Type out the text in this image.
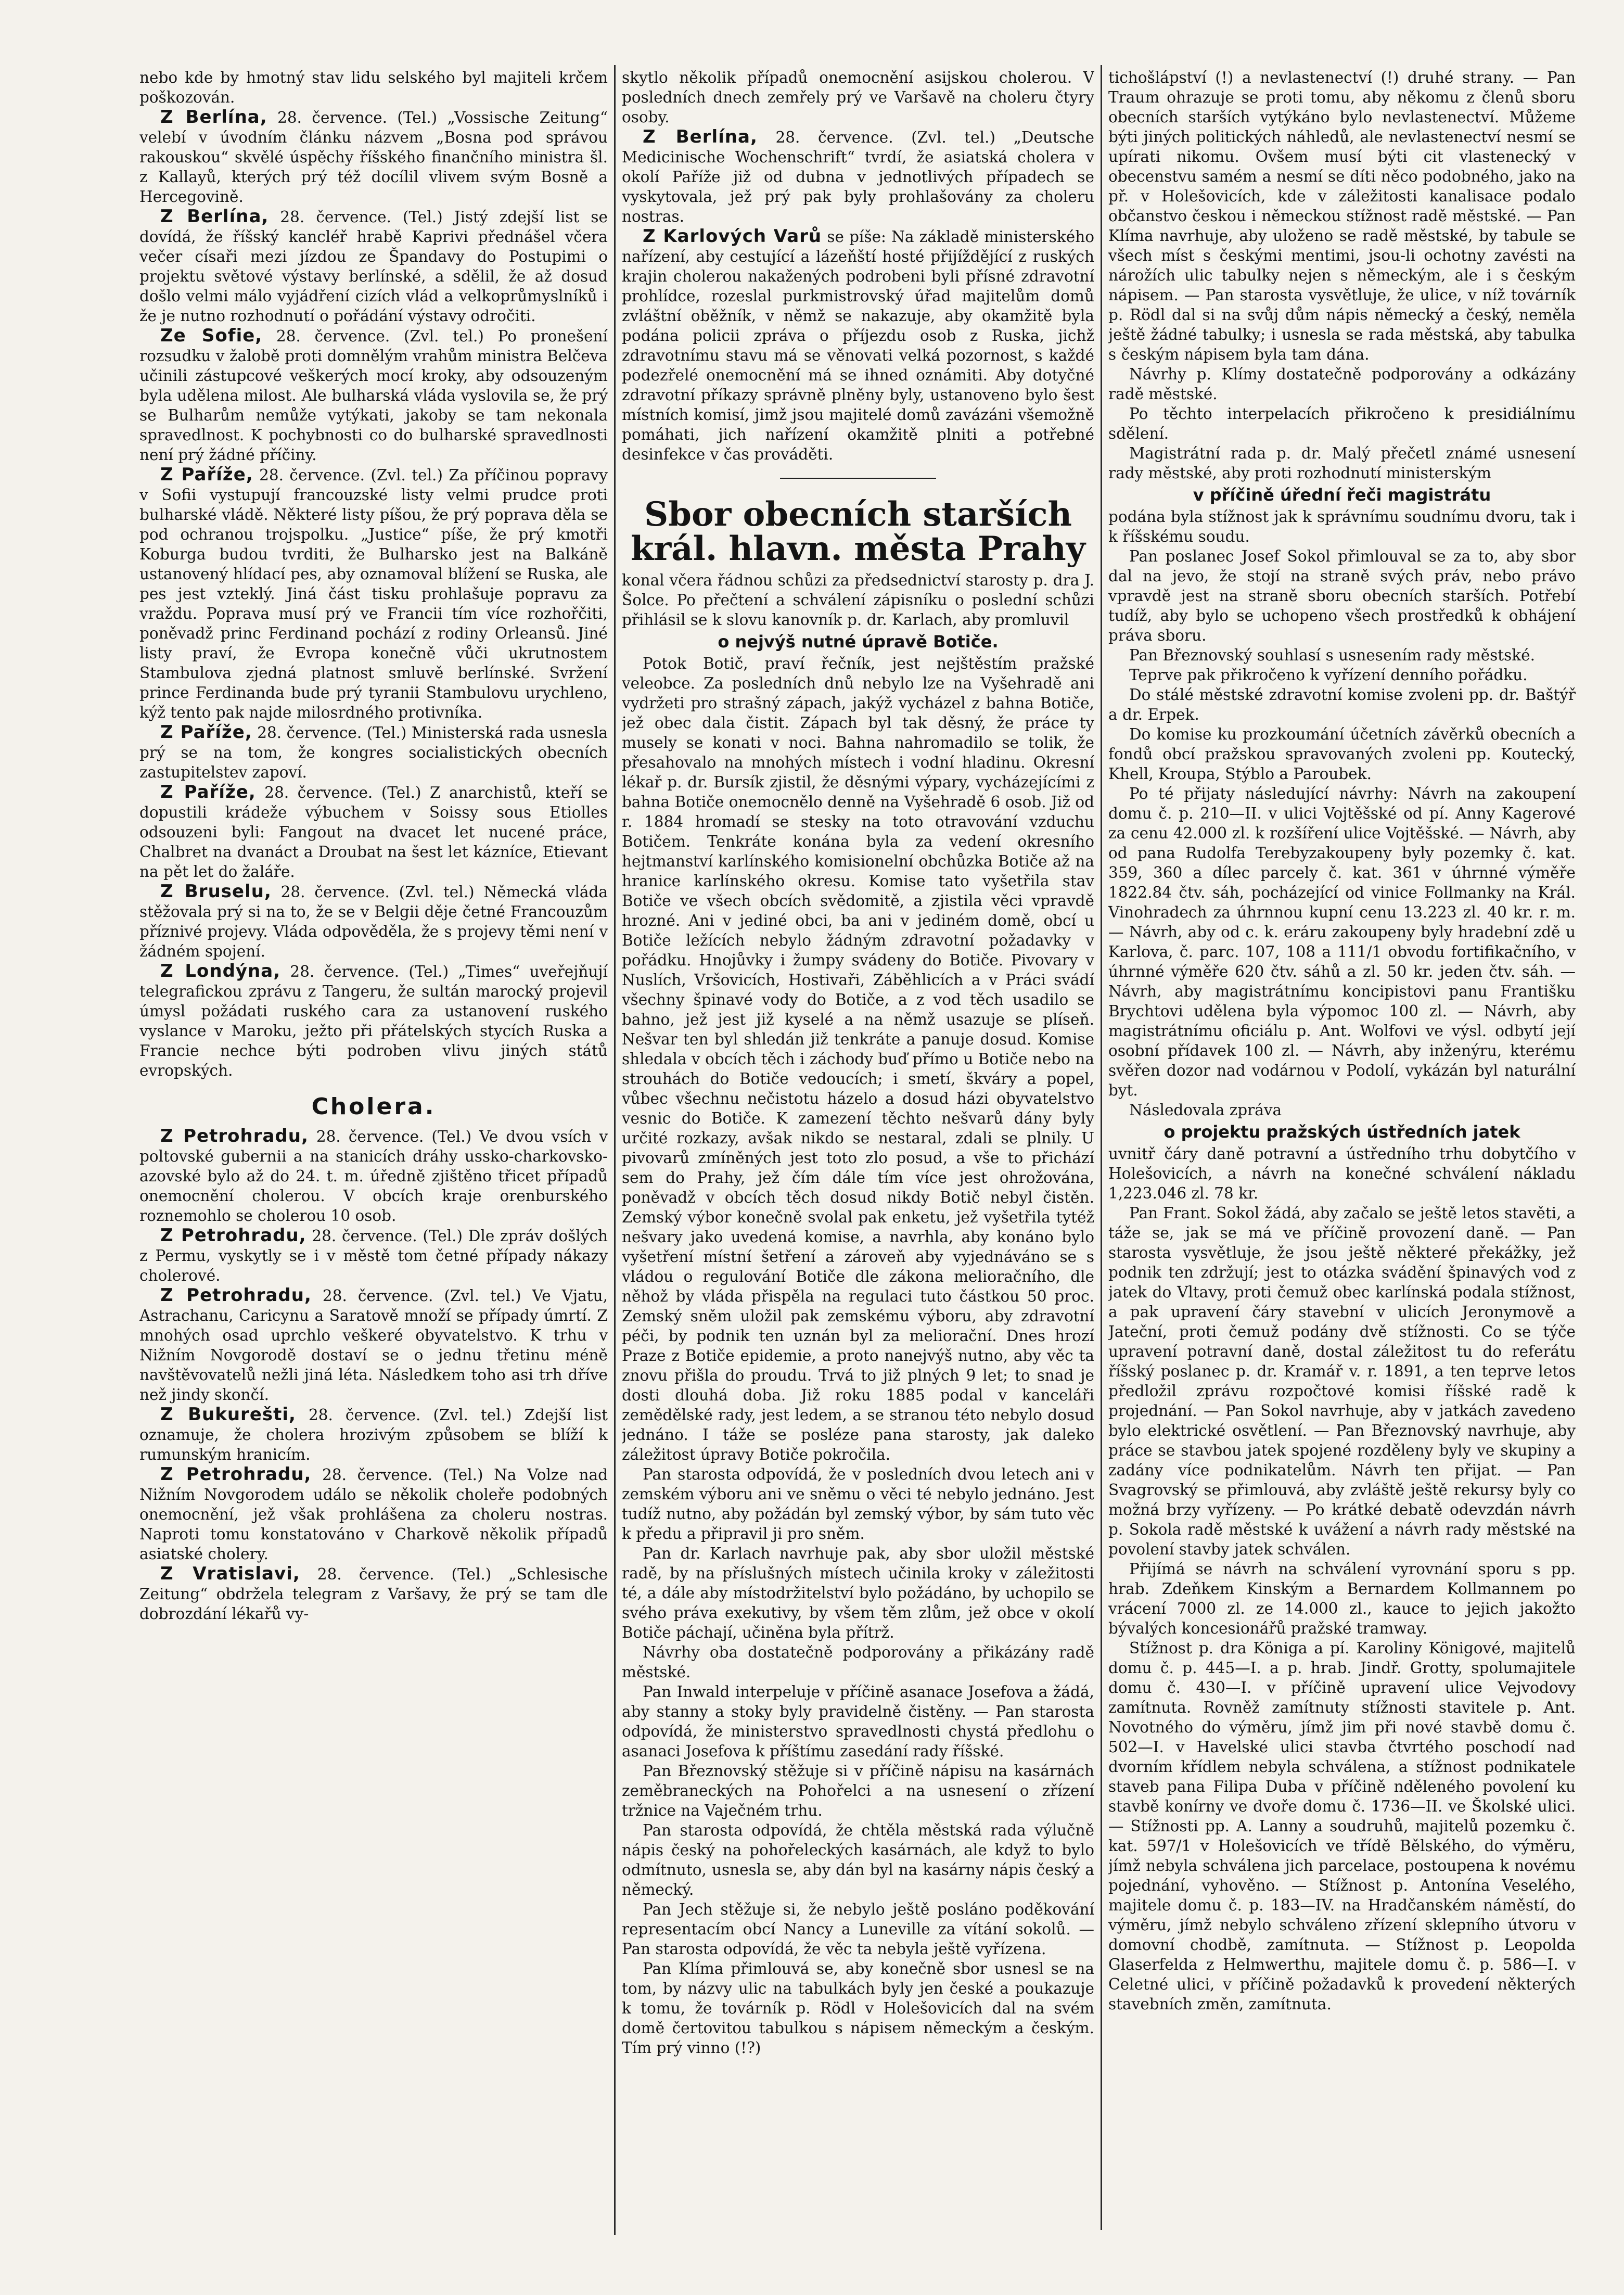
nebo kde by hmotný stav lidu selského byl majiteli krčem poškozován.

Z Berlína, 28. července. (Tel.) „Vossische Zeitung“ velebí v úvodním článku názvem „Bosna pod správou rakouskou“ skvělé úspěchy říšského finančního ministra šl. z Kallayů, kterých prý též docílil vlivem svým Bosně a Hercegovině.

Z Berlína, 28. července. (Tel.) Jistý zdejší list se dovídá, že říšský kancléř hrabě Kaprivi přednášel včera večer císaři mezi jízdou ze Špandavy do Postupimi o projektu světové výstavy berlínské, a sdělil, že až dosud došlo velmi málo vyjádření cizích vlád a velkoprůmyslníků i že je nutno rozhodnutí o pořádání výstavy odročiti.

Ze Sofie, 28. července. (Zvl. tel.) Po pronešení rozsudku v žalobě proti domnělým vrahům ministra Belčeva učinili zástupcové veškerých mocí kroky, aby odsouzeným byla udělena milost. Ale bulharská vláda vyslovila se, že prý se Bulharům nemůže vytýkati, jakoby se tam nekonala spravedlnost. K pochybnosti co do bulharské spravedlnosti není prý žádné příčiny.

Z Paříže, 28. července. (Zvl. tel.) Za příčinou popravy v Sofii vystupují francouzské listy velmi prudce proti bulharské vládě. Některé listy píšou, že prý poprava děla se pod ochranou trojspolku. „Justice“ píše, že prý kmotři Koburga budou tvrditi, že Bulharsko jest na Balkáně ustanovený hlídací pes, aby oznamoval blížení se Ruska, ale pes jest vzteklý. Jiná část tisku prohlašuje popravu za vraždu. Poprava musí prý ve Francii tím více rozhořčiti, poněvadž princ Ferdinand pochází z rodiny Orleansů. Jiné listy praví, že Evropa konečně vůči ukrutnostem Stambulova zjedná platnost smluvě berlínské. Svržení prince Ferdinanda bude prý tyranii Stambulovu urychleno, kýž tento pak najde milosrdného protivníka.

Z Paříže, 28. července. (Tel.) Ministerská rada usnesla prý se na tom, že kongres socialistických obecních zastupitelstev zapoví.

Z Paříže, 28. července. (Tel.) Z anarchistů, kteří se dopustili krádeže výbuchem v Soissy sous Etiolles odsouzeni byli: Fangout na dvacet let nucené práce, Chalbret na dvanáct a Droubat na šest let kázníce, Etievant na pět let do žaláře.

Z Bruselu, 28. července. (Zvl. tel.) Německá vláda stěžovala prý si na to, že se v Belgii děje četné Francouzům příznivé projevy. Vláda odpověděla, že s projevy těmi není v žádném spojení.

Z Londýna, 28. července. (Tel.) „Times“ uveřejňují telegrafickou zprávu z Tangeru, že sultán marocký projevil úmysl požádati ruského cara za ustanovení ruského vyslance v Maroku, ježto při přátelských stycích Ruska a Francie nechce býti podroben vlivu jiných států evropských.

Cholera.

Z Petrohradu, 28. července. (Tel.) Ve dvou vsích v poltovské gubernii a na stanicích dráhy ussko-charkovsko-azovské bylo až do 24. t. m. úředně zjištěno třicet případů onemocnění cholerou. V obcích kraje orenburského roznemohlo se cholerou 10 osob.

Z Petrohradu, 28. července. (Tel.) Dle zpráv došlých z Permu, vyskytly se i v městě tom četné případy nákazy cholerové.

Z Petrohradu, 28. července. (Zvl. tel.) Ve Vjatu, Astrachanu, Caricynu a Saratově množí se případy úmrtí. Z mnohých osad uprchlo veškeré obyvatelstvo. K trhu v Nižním Novgorodě dostaví se o jednu třetinu méně navštěvovatelů nežli jiná léta. Následkem toho asi trh dříve než jindy skončí.

Z Bukurešti, 28. července. (Zvl. tel.) Zdejší list oznamuje, že cholera hrozivým způsobem se blíží k rumunským hranicím.

Z Petrohradu, 28. července. (Tel.) Na Volze nad Nižním Novgorodem událo se několik choleře podobných onemocnění, jež však prohlášena za choleru nostras. Naproti tomu konstatováno v Charkově několik případů asiatské cholery.

Z Vratislavi, 28. července. (Tel.) „Schlesische Zeitung“ obdržela telegram z Varšavy, že prý se tam dle dobrozdání lékařů vy-

skytlo několik případů onemocnění asijskou cholerou. V posledních dnech zemřely prý ve Varšavě na choleru čtyry osoby.

Z Berlína, 28. července. (Zvl. tel.) „Deutsche Medicinische Wochenschrift“ tvrdí, že asiatská cholera v okolí Paříže již od dubna v jednotlivých případech se vyskytovala, jež prý pak byly prohlašovány za choleru nostras.

Z Karlových Varů se píše: Na základě ministerského nařízení, aby cestující a lázeňští hosté přijíždějící z ruských krajin cholerou nakažených podrobeni byli přísné zdravotní prohlídce, rozeslal purkmistrovský úřad majitelům domů zvláštní oběžník, v němž se nakazuje, aby okamžitě byla podána policii zpráva o příjezdu osob z Ruska, jichž zdravotnímu stavu má se věnovati velká pozornost, s každé podezřelé onemocnění má se ihned oznámiti. Aby dotyčné zdravotní příkazy správně plněny byly, ustanoveno bylo šest místních komisí, jimž jsou majitelé domů zavázáni všemožně pomáhati, jich nařízení okamžitě plniti a potřebné desinfekce v čas prováděti.

Sbor obecních starších král. hlavn. města Prahy

konal včera řádnou schůzi za předsednictví starosty p. dra J. Šolce. Po přečtení a schválení zápisníku o poslední schůzi přihlásil se k slovu kanovník p. dr. Karlach, aby promluvil

o nejvýš nutné úpravě Botiče.

Potok Botič, praví řečník, jest nejštěstím pražské veleobce. Za posledních dnů nebylo lze na Vyšehradě ani vydržeti pro strašný zápach, jakýž vycházel z bahna Botiče, jež obec dala čistit. Zápach byl tak děsný, že práce ty musely se konati v noci. Bahna nahromadilo se tolik, že přesahovalo na mnohých místech i vodní hladinu. Okresní lékař p. dr. Bursík zjistil, že děsnými výpary, vycházejícími z bahna Botiče onemocnělo denně na Vyšehradě 6 osob. Již od r. 1884 hromadí se stesky na toto otravování vzduchu Botičem. Tenkráte konána byla za vedení okresního hejtmanství karlínského komisionelní obchůzka Botiče až na hranice karlínského okresu. Komise tato vyšetřila stav Botiče ve všech obcích svědomitě, a zjistila věci vpravdě hrozné. Ani v jediné obci, ba ani v jediném domě, obcí u Botiče ležících nebylo žádným zdravotní požadavky v pořádku. Hnojůvky i žumpy svádeny do Botiče. Pivovary v Nuslích, Vršovicích, Hostivaři, Záběhlicích a v Práci svádí všechny špinavé vody do Botiče, a z vod těch usadilo se bahno, jež jest již kyselé a na němž usazuje se plíseň. Nešvar ten byl shledán již tenkráte a panuje dosud. Komise shledala v obcích těch i záchody buď přímo u Botiče nebo na strouhách do Botiče vedoucích; i smetí, škváry a popel, vůbec všechnu nečistotu házelo a dosud házi obyvatelstvo vesnic do Botiče. K zamezení těchto nešvarů dány byly určité rozkazy, avšak nikdo se nestaral, zdali se plnily. U pivovarů zmíněných jest toto zlo posud, a vše to přichází sem do Prahy, jež čím dále tím více jest ohrožována, poněvadž v obcích těch dosud nikdy Botič nebyl čistěn. Zemský výbor konečně svolal pak enketu, jež vyšetřila tytéž nešvary jako uvedená komise, a navrhla, aby konáno bylo vyšetření místní šetření a zároveň aby vyjednáváno se s vládou o regulování Botiče dle zákona melioračního, dle něhož by vláda přispěla na regulaci tuto částkou 50 proc. Zemský sněm uložil pak zemskému výboru, aby zdravotní péči, by podnik ten uznán byl za meliorační. Dnes hrozí Praze z Botiče epidemie, a proto nanejvýš nutno, aby věc ta znovu přišla do proudu. Trvá to již plných 9 let; to snad je dosti dlouhá doba. Již roku 1885 podal v kanceláři zemědělské rady, jest ledem, a se stranou této nebylo dosud jednáno. I táže se posléze pana starosty, jak daleko záležitost úpravy Botiče pokročila.

Pan starosta odpovídá, že v posledních dvou letech ani v zemském výboru ani ve sněmu o věci té nebylo jednáno. Jest tudíž nutno, aby požádán byl zemský výbor, by sám tuto věc k předu a připravil ji pro sněm.

Pan dr. Karlach navrhuje pak, aby sbor uložil městské radě, by na příslušných místech učinila kroky v záležitosti té, a dále aby místodržitelství bylo požádáno, by uchopilo se svého práva exekutivy, by všem těm zlům, jež obce v okolí Botiče páchají, učiněna byla přítrž.

Návrhy oba dostatečně podporovány a přikázány radě městské.

Pan Inwald interpeluje v příčině asanace Josefova a žádá, aby stanny a stoky byly pravidelně čistěny. — Pan starosta odpovídá, že ministerstvo spravedlnosti chystá předlohu o asanaci Josefova k příštímu zasedání rady říšské.

Pan Březnovský stěžuje si v příčině nápisu na kasárnách zeměbraneckých na Pohořelci a na usnesení o zřízení tržnice na Vaječném trhu.

Pan starosta odpovídá, že chtěla městská rada výlučně nápis český na pohořeleckých kasárnách, ale když to bylo odmítnuto, usnesla se, aby dán byl na kasárny nápis český a německý.

Pan Jech stěžuje si, že nebylo ještě posláno poděkování representacím obcí Nancy a Luneville za vítání sokolů. — Pan starosta odpovídá, že věc ta nebyla ještě vyřízena.

Pan Klíma přimlouvá se, aby konečně sbor usnesl se na tom, by názvy ulic na tabulkách byly jen české a poukazuje k tomu, že továrník p. Rödl v Holešovicích dal na svém domě čertovitou tabulkou s nápisem německým a českým. Tím prý vinno (!?)

tichošlápství (!) a nevlastenectví (!) druhé strany. — Pan Traum ohrazuje se proti tomu, aby někomu z členů sboru obecních starších vytýkáno bylo nevlastenectví. Můžeme býti jiných politických náhledů, ale nevlastenectví nesmí se upírati nikomu. Ovšem musí býti cit vlastenecký v obecenstvu samém a nesmí se díti něco podobného, jako na př. v Holešovicích, kde v záležitosti kanalisace podalo občanstvo českou i německou stížnost radě městské. — Pan Klíma navrhuje, aby uloženo se radě městské, by tabule se všech míst s českými mentimi, jsou-li ochotny zavésti na nárožích ulic tabulky nejen s německým, ale i s českým nápisem. — Pan starosta vysvětluje, že ulice, v níž továrník p. Rödl dal si na svůj dům nápis německý a český, neměla ještě žádné tabulky; i usnesla se rada městská, aby tabulka s českým nápisem byla tam dána.

Návrhy p. Klímy dostatečně podporovány a odkázány radě městské.

Po těchto interpelacích přikročeno k presidiálnímu sdělení.

Magistrátní rada p. dr. Malý přečetl známé usnesení rady městské, aby proti rozhodnutí ministerským

v příčině úřední řeči magistrátu

podána byla stížnost jak k správnímu soudnímu dvoru, tak i k říšskému soudu.

Pan poslanec Josef Sokol přimlouval se za to, aby sbor dal na jevo, že stojí na straně svých práv, nebo právo vpravdě jest na straně sboru obecních starších. Potřebí tudíž, aby bylo se uchopeno všech prostředků k obhájení práva sboru.

Pan Březnovský souhlasí s usnesením rady městské.

Teprve pak přikročeno k vyřízení denního pořádku.

Do stálé městské zdravotní komise zvoleni pp. dr. Baštýř a dr. Erpek.

Do komise ku prozkoumání účetních závěrků obecních a fondů obcí pražskou spravovaných zvoleni pp. Koutecký, Khell, Kroupa, Stýblo a Paroubek.

Po té přijaty následující návrhy: Návrh na zakoupení domu č. p. 210—II. v ulici Vojtěšské od pí. Anny Kagerové za cenu 42.000 zl. k rozšíření ulice Vojtěšské. — Návrh, aby od pana Rudolfa Terebyzakoupeny byly pozemky č. kat. 359, 360 a dílec parcely č. kat. 361 v úhrnné výměře 1822.84 čtv. sáh, pocházející od vinice Follmanky na Král. Vinohradech za úhrnnou kupní cenu 13.223 zl. 40 kr. r. m. — Návrh, aby od c. k. eráru zakoupeny byly hradební zdě u Karlova, č. parc. 107, 108 a 111/1 obvodu fortifikačního, v úhrnné výměře 620 čtv. sáhů a zl. 50 kr. jeden čtv. sáh. — Návrh, aby magistrátnímu koncipistovi panu Františku Brychtovi udělena byla výpomoc 100 zl. — Návrh, aby magistrátnímu oficiálu p. Ant. Wolfovi ve výsl. odbytí její osobní přídavek 100 zl. — Návrh, aby inženýru, kterému svěřen dozor nad vodárnou v Podolí, vykázán byl naturální byt.

Následovala zpráva

o projektu pražských ústředních jatek

uvnitř čáry daně potravní a ústředního trhu dobytčího v Holešovicích, a návrh na konečné schválení nákladu 1,223.046 zl. 78 kr.

Pan Frant. Sokol žádá, aby začalo se ještě letos stavěti, a táže se, jak se má ve příčině provození daně. — Pan starosta vysvětluje, že jsou ještě některé překážky, jež podnik ten zdržují; jest to otázka svádění špinavých vod z jatek do Vltavy, proti čemuž obec karlínská podala stížnost, a pak upravení čáry stavební v ulicích Jeronymově a Jateční, proti čemuž podány dvě stížnosti. Co se týče upravení potravní daně, dostal záležitost tu do referátu říšský poslanec p. dr. Kramář v. r. 1891, a ten teprve letos předložil zprávu rozpočtové komisi říšské radě k projednání. — Pan Sokol navrhuje, aby v jatkách zavedeno bylo elektrické osvětlení. — Pan Březnovský navrhuje, aby práce se stavbou jatek spojené rozděleny byly ve skupiny a zadány více podnikatelům. Návrh ten přijat. — Pan Svagrovský se přimlouvá, aby zvláště ještě rekursy byly co možná brzy vyřízeny. — Po krátké debatě odevzdán návrh p. Sokola radě městské k uvážení a návrh rady městské na povolení stavby jatek schválen.

Přijímá se návrh na schválení vyrovnání sporu s pp. hrab. Zdeňkem Kinským a Bernardem Kollmannem po vrácení 7000 zl. ze 14.000 zl., kauce to jejich jakožto bývalých koncesionářů pražské tramway.

Stížnost p. dra Königa a pí. Karoliny Königové, majitelů domu č. p. 445—I. a p. hrab. Jindř. Grotty, spolumajitele domu č. 430—I. v příčině upravení ulice Vejvodovy zamítnuta. Rovněž zamítnuty stížnosti stavitele p. Ant. Novotného do výměru, jímž jim při nové stavbě domu č. 502—I. v Havelské ulici stavba čtvrtého poschodí nad dvorním křídlem nebyla schválena, a stížnost podnikatele staveb pana Filipa Duba v příčině nděleného povolení ku stavbě konírny ve dvoře domu č. 1736—II. ve Školské ulici. — Stížnosti pp. A. Lanny a soudruhů, majitelů pozemku č. kat. 597/1 v Holešovicích ve třídě Bělského, do výměru, jímž nebyla schválena jich parcelace, postoupena k novému pojednání, vyhověno. — Stížnost p. Antonína Veselého, majitele domu č. p. 183—IV. na Hradčanském náměstí, do výměru, jímž nebylo schváleno zřízení sklepního útvoru v domovní chodbě, zamítnuta. — Stížnost p. Leopolda Glaserfelda z Helmwerthu, majitele domu č. p. 586—I. v Celetné ulici, v příčině požadavků k provedení některých stavebních změn, zamítnuta.
